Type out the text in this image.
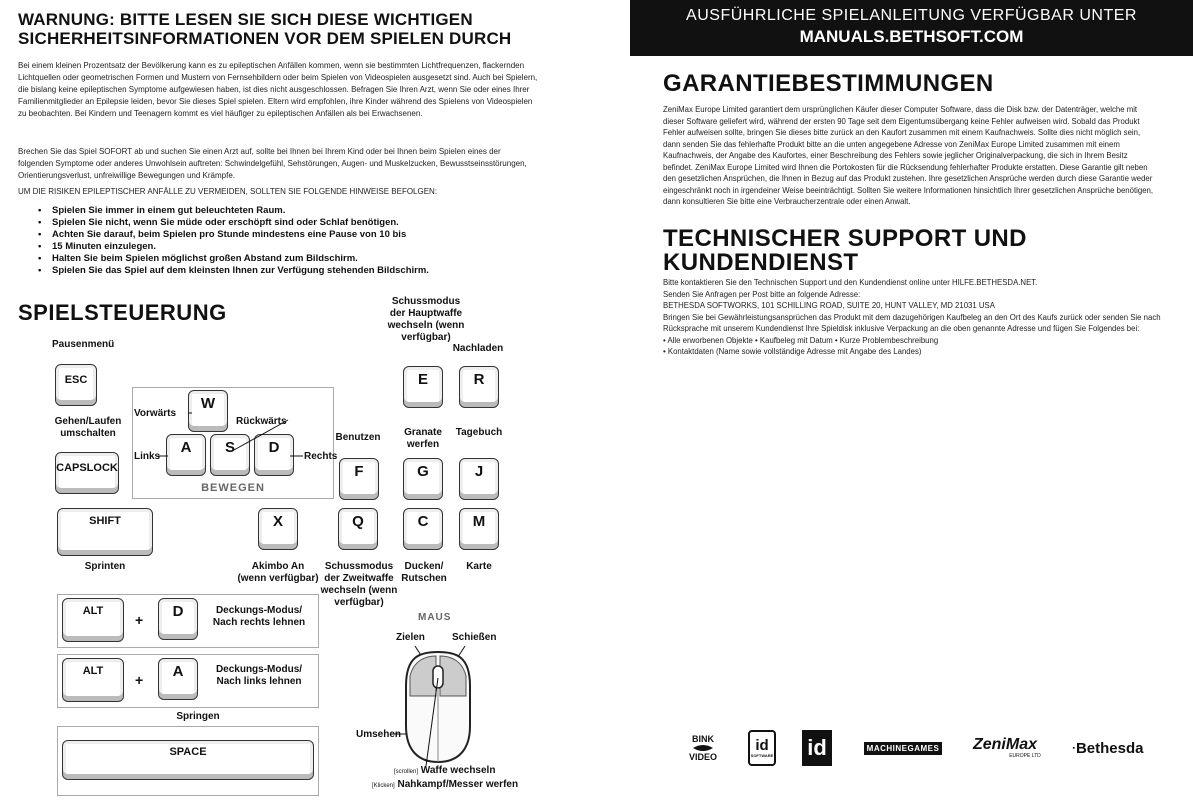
WARNUNG: BITTE LESEN SIE SICH DIESE WICHTIGEN
SICHERHEITSINFORMATIONEN VOR DEM SPIELEN DURCH
Bei einem kleinen Prozentsatz der Bevölkerung kann es zu epileptischen Anfällen kommen, wenn sie bestimmten Lichtfrequenzen, flackernden Lichtquellen oder geometrischen Formen und Mustern von Fernsehbildern oder beim Spielen von Videospielen ausgesetzt sind. Auch bei Spielern, die bislang keine epileptischen Symptome aufgewiesen haben, ist dies nicht ausgeschlossen. Befragen Sie Ihren Arzt, wenn Sie oder eines Ihrer Familienmitglieder an Epilepsie leiden, bevor Sie dieses Spiel spielen. Eltern wird empfohlen, ihre Kinder während des Spielens von Videospielen zu beobachten. Bei Kindern und Teenagern kommt es viel häufiger zu epileptischen Anfällen als bei Erwachsenen.
Brechen Sie das Spiel SOFORT ab und suchen Sie einen Arzt auf, sollte bei Ihnen bei Ihrem Kind oder bei Ihnen beim Spielen eines der folgenden Symptome oder anderes Unwohlsein auftreten: Schwindelgefühl, Sehstörungen, Augen- und Muskelzucken, Bewusstseinsstörungen, Orientierungsverlust, unfreiwillige Bewegungen und Krämpfe.
UM DIE RISIKEN EPILEPTISCHER ANFÄLLE ZU VERMEIDEN, SOLLTEN SIE FOLGENDE HINWEISE BEFOLGEN:
• Spielen Sie immer in einem gut beleuchteten Raum.
• Spielen Sie nicht, wenn Sie müde oder erschöpft sind oder Schlaf benötigen.
• Achten Sie darauf, beim Spielen pro Stunde mindestens eine Pause von 10 bis
• 15 Minuten einzulegen.
• Halten Sie beim Spielen möglichst großen Abstand zum Bildschirm.
• Spielen Sie das Spiel auf dem kleinsten Ihnen zur Verfügung stehenden Bildschirm.
SPIELSTEUERUNG
Pausenmenü
ESC
Gehen/Laufen
umschalten
CAPSLOCK
SHIFT
Sprinten
BEWEGEN
W
A	S	D
Vorwärts
Rückwärts
Links	Rechts
Schussmodus
der Hauptwaffe
wechseln (wenn
verfügbar)
E
Nachladen
R
Benutzen
F
Granate
werfen
G
Tagebuch
J
X
Akimbo An
(wenn verfügbar)
Q
Schussmodus
der Zweitwaffe
wechseln (wenn
verfügbar)
C
Ducken/
Rutschen
M
Karte
ALT
+	D	Deckungs-Modus/
Nach rechts lehnen
ALT
+	A	Deckungs-Modus/
Nach links lehnen
Springen
SPACE
MAUS
Zielen	Schießen
Umsehen
[scrollen] Waffe wechseln
[Klicken] Nahkampf/Messer werfen
AUSFÜHRLICHE SPIELANLEITUNG VERFÜGBAR UNTER
MANUALS.BETHSOFT.COM
GARANTIEBESTIMMUNGEN
ZeniMax Europe Limited garantiert dem ursprünglichen Käufer dieser Computer Software, dass die Disk bzw. der Datenträger, welche mit dieser Software geliefert wird, während der ersten 90 Tage seit dem Eigentumsübergang keine Fehler aufweisen wird. Sobald das Produkt Fehler aufweisen sollte, bringen Sie dieses bitte zurück an den Kaufort zusammen mit einem Kaufnachweis. Sollte dies nicht möglich sein, dann senden Sie das fehlerhafte Produkt bitte an die unten angegebene Adresse von ZeniMax Europe Limited zusammen mit einem Kaufnachweis, der Angabe des Kaufortes, einer Beschreibung des Fehlers sowie jeglicher Originalverpackung, die sich in Ihrem Besitz befindet. ZeniMax Europe Limited wird Ihnen die Portokosten für die Rücksendung fehlerhafter Produkte erstatten. Diese Garantie gilt neben den gesetzlichen Ansprüchen, die Ihnen in Bezug auf das Produkt zustehen. Ihre gesetzlichen Ansprüche werden durch diese Garantie weder eingeschränkt noch in irgendeiner Weise beeinträchtigt. Sollten Sie weitere Informationen hinsichtlich Ihrer gesetzlichen Ansprüche benötigen, dann konsultieren Sie bitte eine Verbraucherzentrale oder einen Anwalt.
TECHNISCHER SUPPORT UND KUNDENDIENST
Bitte kontaktieren Sie den Technischen Support und den Kundendienst online unter HILFE.BETHESDA.NET.
Senden Sie Anfragen per Post bitte an folgende Adresse:
BETHESDA SOFTWORKS, 101 SCHILLING ROAD, SUITE 20, HUNT VALLEY, MD 21031 USA
Bringen Sie bei Gewährleistungsansprüchen das Produkt mit dem dazugehörigen Kaufbeleg an den Ort des Kaufs zurück oder senden Sie nach
Rücksprache mit unserem Kundendienst Ihre Spieldisk inklusive Verpackung an die oben genannte Adresse und fügen Sie Folgendes bei:
• Alle erworbenen Objekte • Kaufbeleg mit Datum • Kurze Problembeschreibung
• Kontaktdaten (Name sowie vollständige Adresse mit Angabe des Landes)
BINK
VIDEO
id
SOFTWARE id	MACHINEGAMES ZeniMax
EUROPE LTD
▪ Bethesda
